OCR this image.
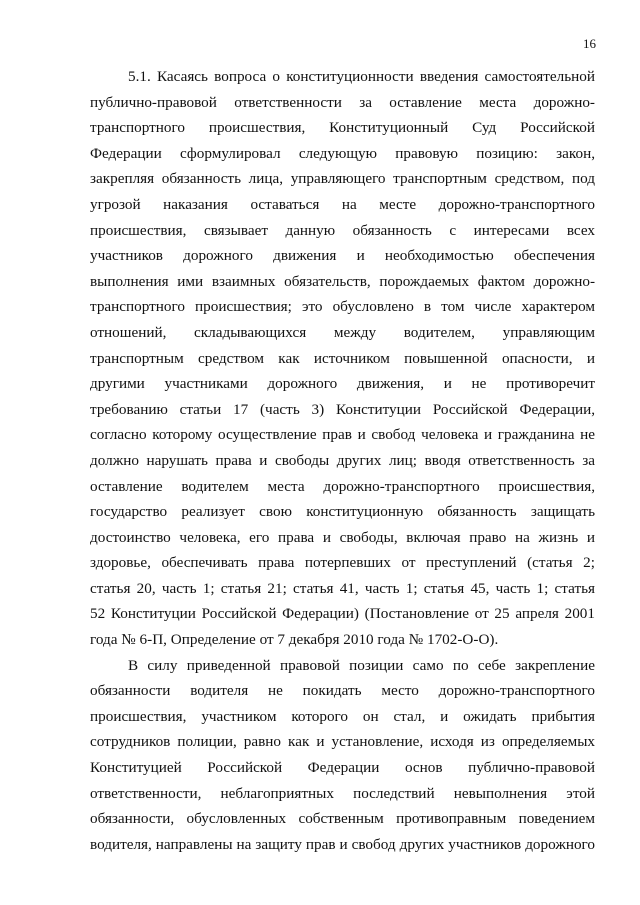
16
5.1. Касаясь вопроса о конституционности введения самостоятельной
публично-правовой ответственности за оставление места дорожно-
транспортного происшествия, Конституционный Суд Российской
Федерации сформулировал следующую правовую позицию: закон,
закрепляя обязанность лица, управляющего транспортным средством, под
угрозой наказания оставаться на месте дорожно-транспортного
происшествия, связывает данную обязанность с интересами всех
участников дорожного движения и необходимостью обеспечения
выполнения ими взаимных обязательств, порождаемых фактом дорожно-
транспортного происшествия; это обусловлено в том числе характером
отношений, складывающихся между водителем, управляющим
транспортным средством как источником повышенной опасности, и
другими участниками дорожного движения, и не противоречит
требованию статьи 17 (часть 3) Конституции Российской Федерации,
согласно которому осуществление прав и свобод человека и гражданина не
должно нарушать права и свободы других лиц; вводя ответственность за
оставление водителем места дорожно-транспортного происшествия,
государство реализует свою конституционную обязанность защищать
достоинство человека, его права и свободы, включая право на жизнь и
здоровье, обеспечивать права потерпевших от преступлений (статья 2;
статья 20, часть 1; статья 21; статья 41, часть 1; статья 45, часть 1; статья
52 Конституции Российской Федерации) (Постановление от 25 апреля 2001
года № 6-П, Определение от 7 декабря 2010 года № 1702-О-О).
В силу приведенной правовой позиции само по себе закрепление
обязанности водителя не покидать место дорожно-транспортного
происшествия, участником которого он стал, и ожидать прибытия
сотрудников полиции, равно как и установление, исходя из определяемых
Конституцией Российской Федерации основ публично-правовой
ответственности, неблагоприятных последствий невыполнения этой
обязанности, обусловленных собственным противоправным поведением
водителя, направлены на защиту прав и свобод других участников дорожного
